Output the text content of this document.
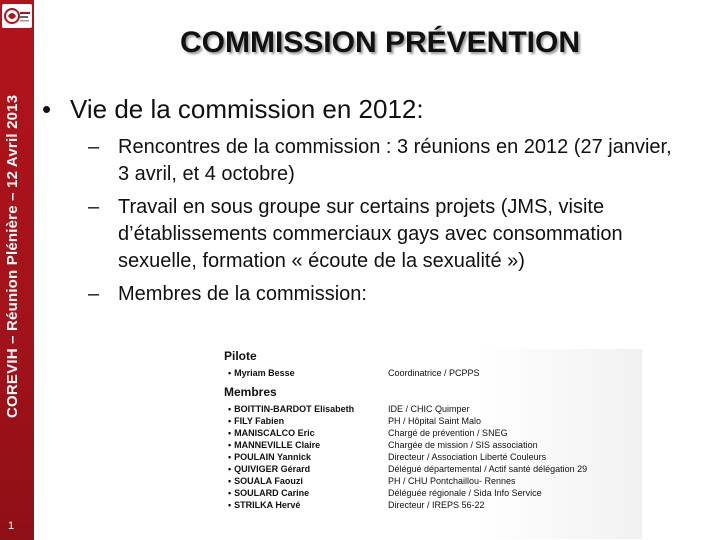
COREVIH – Réunion Plénière – 12 Avril 2013
1
COMMISSION PRÉVENTION
• Vie de la commission en 2012:
– Rencontres de la commission : 3 réunions en 2012 (27 janvier, 3 avril, et 4 octobre)
– Travail en sous groupe sur certains projets (JMS, visite d’établissements commerciaux gays avec consommation sexuelle, formation « écoute de la sexualité »)
– Membres de la commission:
Pilote
• Myriam Besse	Coordinatrice / PCPPS
Membres
• BOITTIN-BARDOT Elisabeth	IDE / CHIC Quimper
• FILY Fabien	PH / Hôpital Saint Malo
• MANISCALCO Eric	Chargé de prévention / SNEG
• MANNEVILLE Claire	Chargée de mission / SIS association
• POULAIN Yannick	Directeur / Association Liberté Couleurs
• QUIVIGER Gérard	Délégué départemental / Actif santé délégation 29
• SOUALA Faouzi	PH / CHU Pontchaillou- Rennes
• SOULARD Carine	Déléguée régionale / Sida Info Service
• STRILKA Hervé	Directeur / IREPS 56-22
